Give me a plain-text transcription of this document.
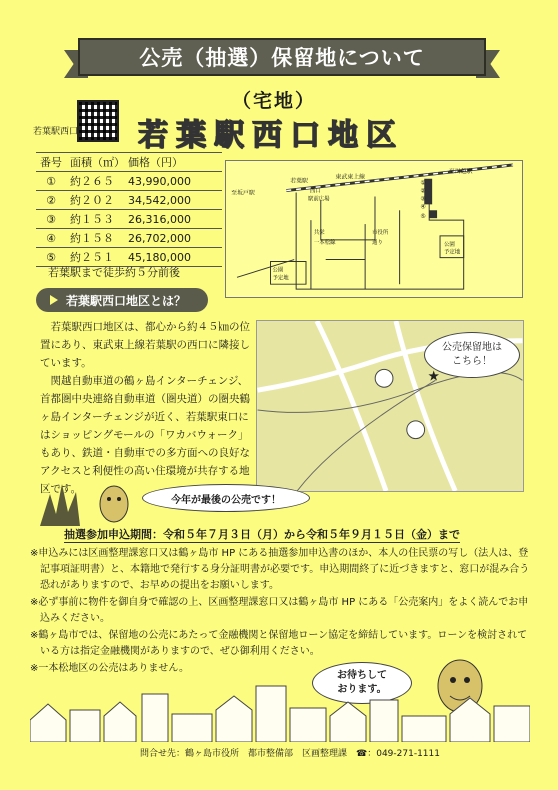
公売（抽選）保留地について
（宅地）
若葉駅西口 若葉駅西口地区
番号	面積（㎡）	価格（円）
①	約２６５	43,990,000
②	約２０２	34,542,000
③	約１５３	26,316,000
④	約１５８	26,702,000
⑤	約２５１	45,180,000
若葉駅まで徒歩約５分前後
①
②
③
④
⑤
至川越駅
至坂戸駅
若葉駅
東武東上線
西口
駅前広場
共栄
一本松線
市役所
通り
公園
予定地
公園
予定地
若葉駅西口地区とは？

若葉駅西口地区は、都心から約４５㎞の位置にあり、東武東上線若葉駅の西口に隣接しています。

関越自動車道の鶴ヶ島インターチェンジ、首都圏中央連絡自動車道（圏央道）の圏央鶴ヶ島インターチェンジが近く、若葉駅東口にはショッピングモールの「ワカバウォーク」もあり、鉄道・自動車での多方面への良好なアクセスと利便性の高い住環境が共存する地区です。

★
公売保留地は
こちら！
今年が最後の公売です！
抽選参加申込期間：令和５年７月３日（月）から令和５年９月１５日（金）まで

※申込みには区画整理課窓口又は鶴ヶ島市 HP にある抽選参加申込書のほか、本人の住民票の写し（法人は、登記事項証明書）と、本籍地で発行する身分証明書が必要です。申込期間終了に近づきますと、窓口が混み合う恐れがありますので、お早めの提出をお願いします。

※必ず事前に物件を御自身で確認の上、区画整理課窓口又は鶴ヶ島市 HP にある「公売案内」をよく読んでお申込みください。

※鶴ヶ島市では、保留地の公売にあたって金融機関と保留地ローン協定を締結しています。ローンを検討されている方は指定金融機関がありますので、ぜひ御利用ください。

※一本松地区の公売はありません。

お待ちして
おります。
問合せ先：鶴ヶ島市役所　都市整備部　区画整理課　☎：049-271-1111
